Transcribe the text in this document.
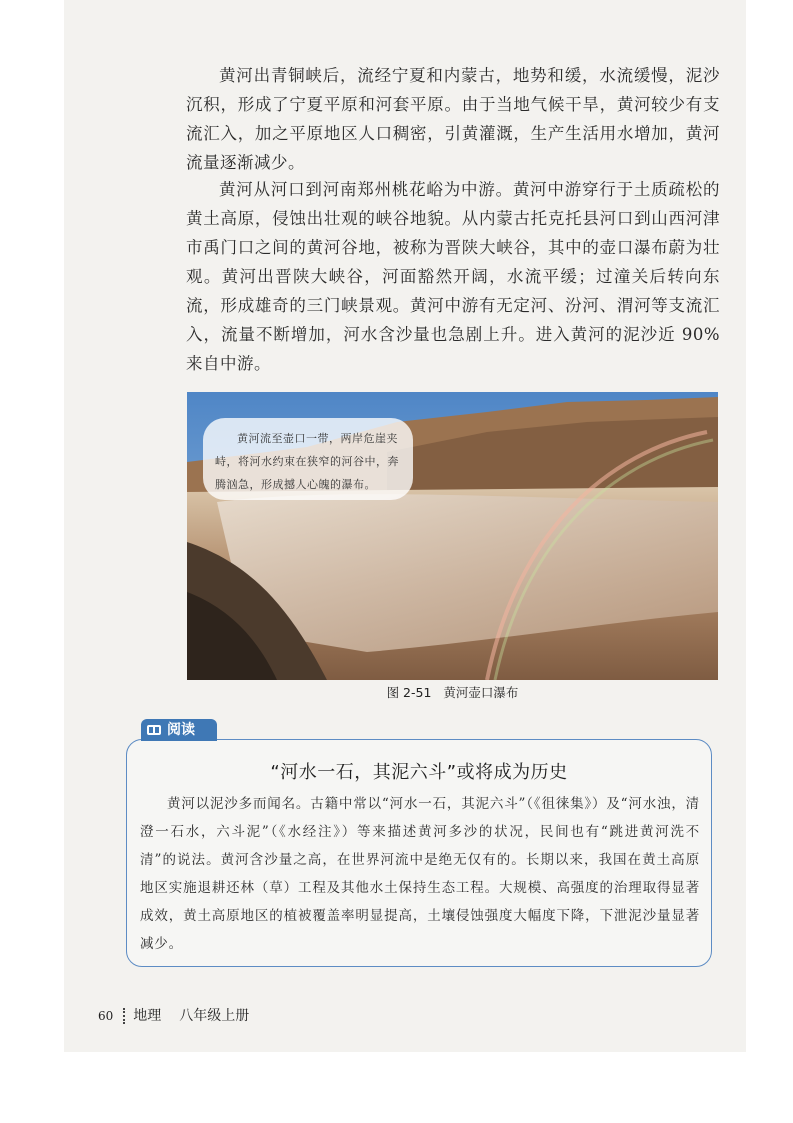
黄河出青铜峡后，流经宁夏和内蒙古，地势和缓，水流缓慢，泥沙沉积，形成了宁夏平原和河套平原。由于当地气候干旱，黄河较少有支流汇入，加之平原地区人口稠密，引黄灌溉，生产生活用水增加，黄河流量逐渐减少。

黄河从河口到河南郑州桃花峪为中游。黄河中游穿行于土质疏松的黄土高原，侵蚀出壮观的峡谷地貌。从内蒙古托克托县河口到山西河津市禹门口之间的黄河谷地，被称为晋陕大峡谷，其中的壶口瀑布蔚为壮观。黄河出晋陕大峡谷，河面豁然开阔，水流平缓；过潼关后转向东流，形成雄奇的三门峡景观。黄河中游有无定河、汾河、渭河等支流汇入，流量不断增加，河水含沙量也急剧上升。进入黄河的泥沙近 90% 来自中游。

黄河流至壶口一带，两岸危崖夹峙，将河水约束在狭窄的河谷中，奔腾汹急，形成撼人心魄的瀑布。
图 2-51 黄河壶口瀑布
阅读
“河水一石，其泥六斗”或将成为历史

黄河以泥沙多而闻名。古籍中常以“河水一石，其泥六斗”（《徂徕集》）及“河水浊，清澄一石水，六斗泥”（《水经注》）等来描述黄河多沙的状况，民间也有“跳进黄河洗不清”的说法。黄河含沙量之高，在世界河流中是绝无仅有的。长期以来，我国在黄土高原地区实施退耕还林（草）工程及其他水土保持生态工程。大规模、高强度的治理取得显著成效，黄土高原地区的植被覆盖率明显提高，土壤侵蚀强度大幅度下降，下泄泥沙量显著减少。

60 地理 八年级上册
